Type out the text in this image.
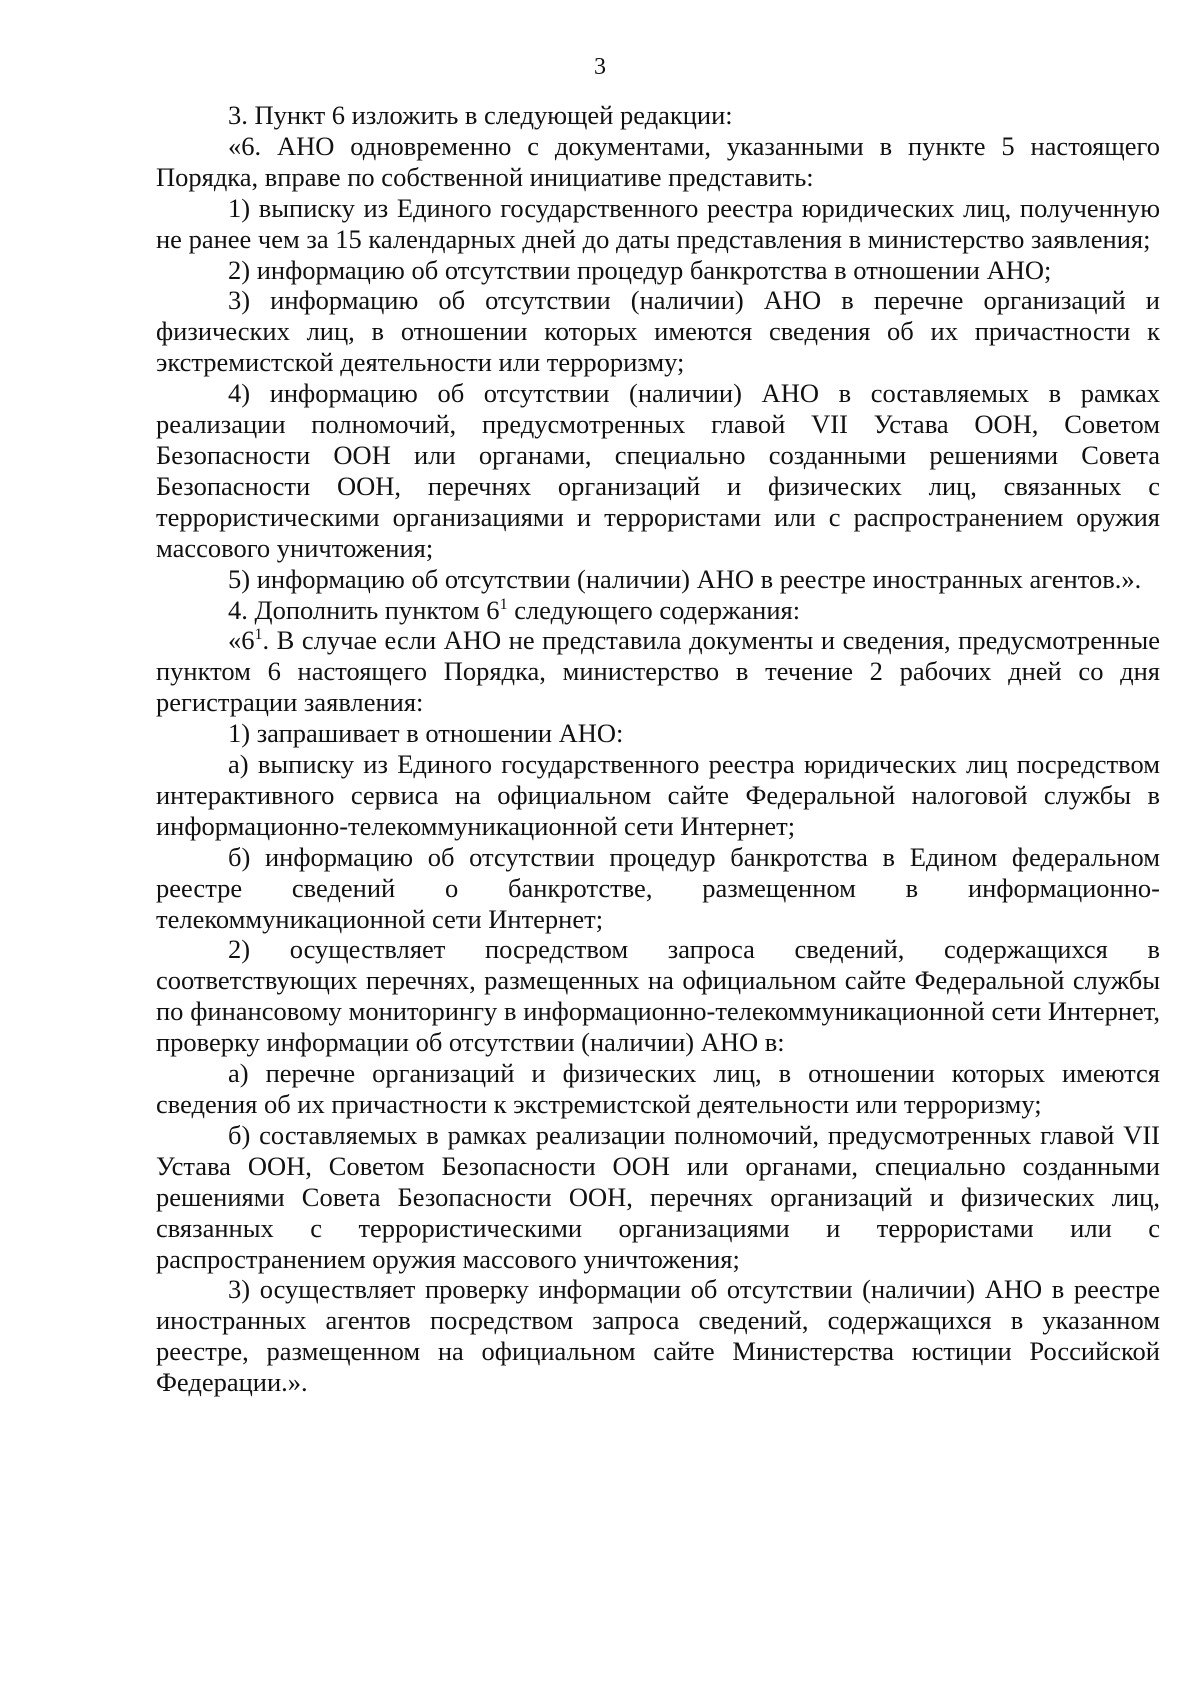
3

3. Пункт 6 изложить в следующей редакции:

«6. АНО одновременно с документами, указанными в пункте 5 настоящего Порядка, вправе по собственной инициативе представить:

1) выписку из Единого государственного реестра юридических лиц, полученную не ранее чем за 15 календарных дней до даты представления в министерство заявления;

2) информацию об отсутствии процедур банкротства в отношении АНО;

3) информацию об отсутствии (наличии) АНО в перечне организаций и физических лиц, в отношении которых имеются сведения об их причастности к экстремистской деятельности или терроризму;

4) информацию об отсутствии (наличии) АНО в составляемых в рамках реализации полномочий, предусмотренных главой VII Устава ООН, Советом Безопасности ООН или органами, специально созданными решениями Совета Безопасности ООН, перечнях организаций и физических лиц, связанных с террористическими организациями и террористами или с распространением оружия массового уничтожения;

5) информацию об отсутствии (наличии) АНО в реестре иностранных агентов.».

4. Дополнить пунктом $6^1$ следующего содержания:

«$6^1$. В случае если АНО не представила документы и сведения, предусмотренные пунктом 6 настоящего Порядка, министерство в течение 2 рабочих дней со дня регистрации заявления:

1) запрашивает в отношении АНО:

а) выписку из Единого государственного реестра юридических лиц посредством интерактивного сервиса на официальном сайте Федеральной налоговой службы в информационно-телекоммуникационной сети Интернет;

б) информацию об отсутствии процедур банкротства в Едином федеральном реестре сведений о банкротстве, размещенном в информационно-телекоммуникационной сети Интернет;

2) осуществляет посредством запроса сведений, содержащихся в соответствующих перечнях, размещенных на официальном сайте Федеральной службы по финансовому мониторингу в информационно-телекоммуникационной сети Интернет, проверку информации об отсутствии (наличии) АНО в:

а) перечне организаций и физических лиц, в отношении которых имеются сведения об их причастности к экстремистской деятельности или терроризму;

б) составляемых в рамках реализации полномочий, предусмотренных главой VII Устава ООН, Советом Безопасности ООН или органами, специально созданными решениями Совета Безопасности ООН, перечнях организаций и физических лиц, связанных с террористическими организациями и террористами или с распространением оружия массового уничтожения;

3) осуществляет проверку информации об отсутствии (наличии) АНО в реестре иностранных агентов посредством запроса сведений, содержащихся в указанном реестре, размещенном на официальном сайте Министерства юстиции Российской Федерации.».
